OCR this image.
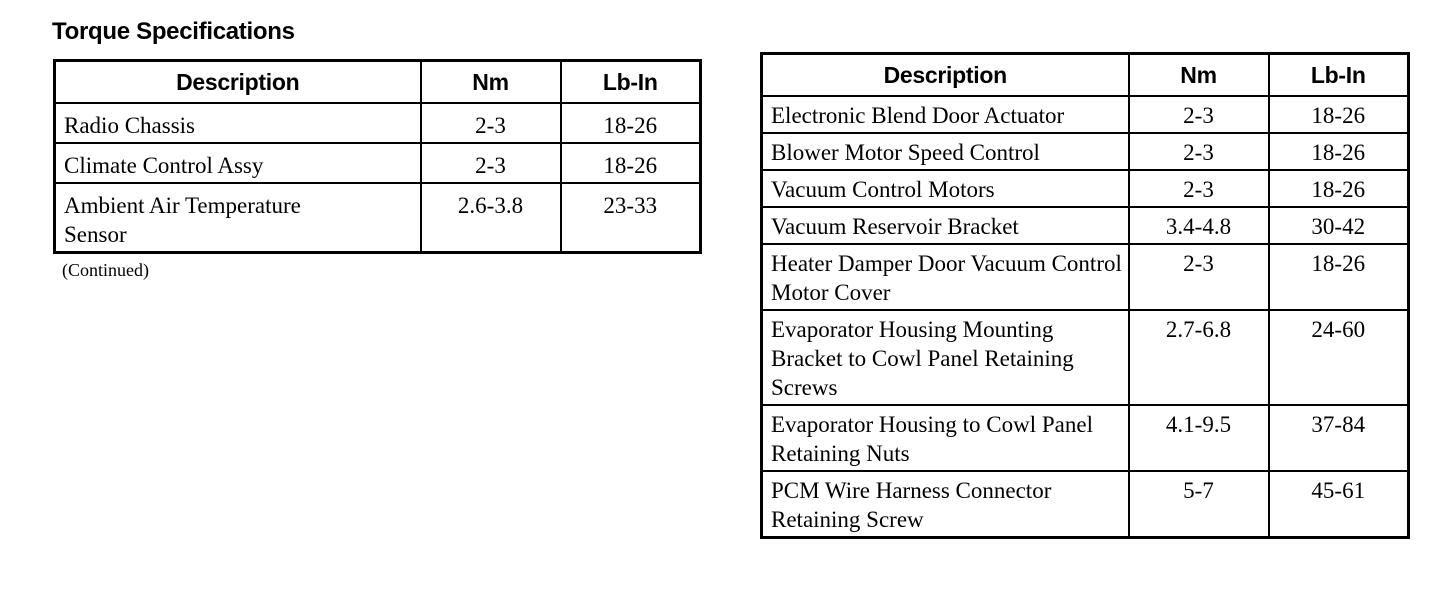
Torque Specifications
Description	Nm	Lb-In
Radio Chassis	2-3	18-26
Climate Control Assy	2-3	18-26
Ambient Air Temperature Sensor	2.6-3.8	23-33

(Continued)

Description	Nm	Lb-In
Electronic Blend Door Actuator	2-3	18-26
Blower Motor Speed Control	2-3	18-26
Vacuum Control Motors	2-3	18-26
Vacuum Reservoir Bracket	3.4-4.8	30-42
Heater Damper Door Vacuum Control Motor Cover	2-3	18-26
Evaporator Housing Mounting Bracket to Cowl Panel Retaining Screws	2.7-6.8	24-60
Evaporator Housing to Cowl Panel Retaining Nuts	4.1-9.5	37-84
PCM Wire Harness Connector Retaining Screw	5-7	45-61
